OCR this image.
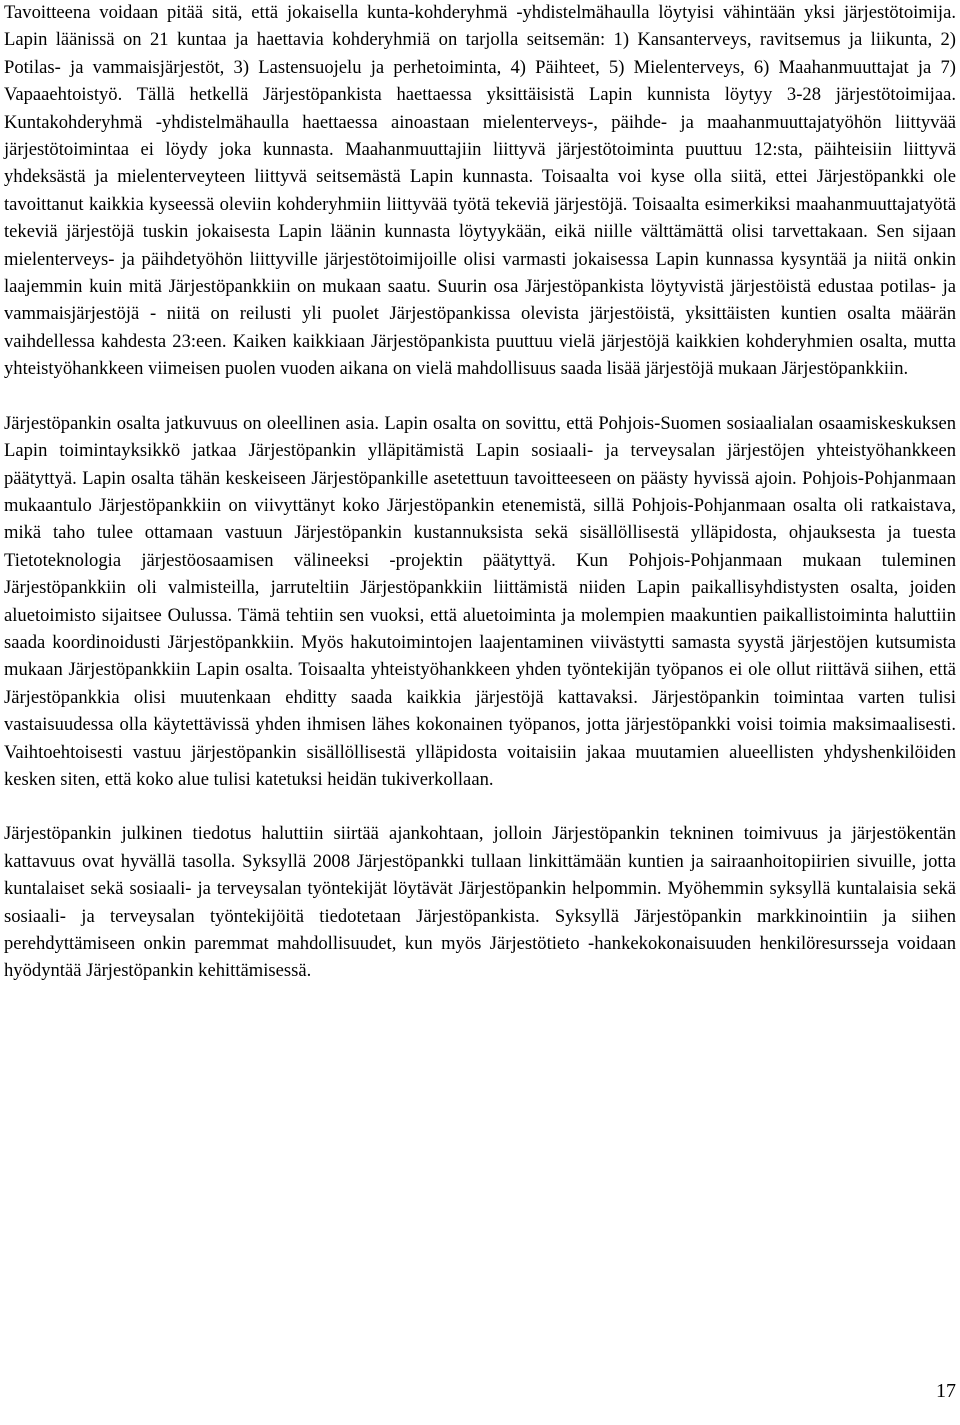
Tavoitteena voidaan pitää sitä, että jokaisella kunta-kohderyhmä -yhdistelmähaulla löytyisi vähintään yksi järjestötoimija. Lapin läänissä on 21 kuntaa ja haettavia kohderyhmiä on tarjolla seitsemän: 1) Kansanterveys, ravitsemus ja liikunta, 2) Potilas- ja vammaisjärjestöt, 3) Lastensuojelu ja perhetoiminta, 4) Päihteet, 5) Mielenterveys, 6) Maahanmuuttajat ja 7) Vapaaehtoistyö. Tällä hetkellä Järjestöpankista haettaessa yksittäisistä Lapin kunnista löytyy 3-28 järjestötoimijaa. Kuntakohderyhmä -yhdistelmähaulla haettaessa ainoastaan mielenterveys-, päihde- ja maahanmuuttajatyöhön liittyvää järjestötoimintaa ei löydy joka kunnasta. Maahanmuuttajiin liittyvä järjestötoiminta puuttuu 12:sta, päihteisiin liittyvä yhdeksästä ja mielenterveyteen liittyvä seitsemästä Lapin kunnasta. Toisaalta voi kyse olla siitä, ettei Järjestöpankki ole tavoittanut kaikkia kyseessä oleviin kohderyhmiin liittyvää työtä tekeviä järjestöjä. Toisaalta esimerkiksi maahanmuuttajatyötä tekeviä järjestöjä tuskin jokaisesta Lapin läänin kunnasta löytyykään, eikä niille välttämättä olisi tarvettakaan. Sen sijaan mielenterveys- ja päihdetyöhön liittyville järjestötoimijoille olisi varmasti jokaisessa Lapin kunnassa kysyntää ja niitä onkin laajemmin kuin mitä Järjestöpankkiin on mukaan saatu. Suurin osa Järjestöpankista löytyvistä järjestöistä edustaa potilas- ja vammaisjärjestöjä - niitä on reilusti yli puolet Järjestöpankissa olevista järjestöistä, yksittäisten kuntien osalta määrän vaihdellessa kahdesta 23:een. Kaiken kaikkiaan Järjestöpankista puuttuu vielä järjestöjä kaikkien kohderyhmien osalta, mutta yhteistyöhankkeen viimeisen puolen vuoden aikana on vielä mahdollisuus saada lisää järjestöjä mukaan Järjestöpankkiin.

Järjestöpankin osalta jatkuvuus on oleellinen asia. Lapin osalta on sovittu, että Pohjois-Suomen sosiaalialan osaamiskeskuksen Lapin toimintayksikkö jatkaa Järjestöpankin ylläpitämistä Lapin sosiaali- ja terveysalan järjestöjen yhteistyöhankkeen päätyttyä. Lapin osalta tähän keskeiseen Järjestöpankille asetettuun tavoitteeseen on päästy hyvissä ajoin. Pohjois-Pohjanmaan mukaantulo Järjestöpankkiin on viivyttänyt koko Järjestöpankin etenemistä, sillä Pohjois-Pohjanmaan osalta oli ratkaistava, mikä taho tulee ottamaan vastuun Järjestöpankin kustannuksista sekä sisällöllisestä ylläpidosta, ohjauksesta ja tuesta Tietoteknologia järjestöosaamisen välineeksi -projektin päätyttyä. Kun Pohjois-Pohjanmaan mukaan tuleminen Järjestöpankkiin oli valmisteilla, jarruteltiin Järjestöpankkiin liittämistä niiden Lapin paikallisyhdistysten osalta, joiden aluetoimisto sijaitsee Oulussa. Tämä tehtiin sen vuoksi, että aluetoiminta ja molempien maakuntien paikallistoiminta haluttiin saada koordinoidusti Järjestöpankkiin. Myös hakutoimintojen laajentaminen viivästytti samasta syystä järjestöjen kutsumista mukaan Järjestöpankkiin Lapin osalta. Toisaalta yhteistyöhankkeen yhden työntekijän työpanos ei ole ollut riittävä siihen, että Järjestöpankkia olisi muutenkaan ehditty saada kaikkia järjestöjä kattavaksi. Järjestöpankin toimintaa varten tulisi vastaisuudessa olla käytettävissä yhden ihmisen lähes kokonainen työpanos, jotta järjestöpankki voisi toimia maksimaalisesti. Vaihtoehtoisesti vastuu järjestöpankin sisällöllisestä ylläpidosta voitaisiin jakaa muutamien alueellisten yhdyshenkilöiden kesken siten, että koko alue tulisi katetuksi heidän tukiverkollaan.

Järjestöpankin julkinen tiedotus haluttiin siirtää ajankohtaan, jolloin Järjestöpankin tekninen toimivuus ja järjestökentän kattavuus ovat hyvällä tasolla. Syksyllä 2008 Järjestöpankki tullaan linkittämään kuntien ja sairaanhoitopiirien sivuille, jotta kuntalaiset sekä sosiaali- ja terveysalan työntekijät löytävät Järjestöpankin helpommin. Myöhemmin syksyllä kuntalaisia sekä sosiaali- ja terveysalan työntekijöitä tiedotetaan Järjestöpankista. Syksyllä Järjestöpankin markkinointiin ja siihen perehdyttämiseen onkin paremmat mahdollisuudet, kun myös Järjestötieto -hankekokonaisuuden henkilöresursseja voidaan hyödyntää Järjestöpankin kehittämisessä.

17
